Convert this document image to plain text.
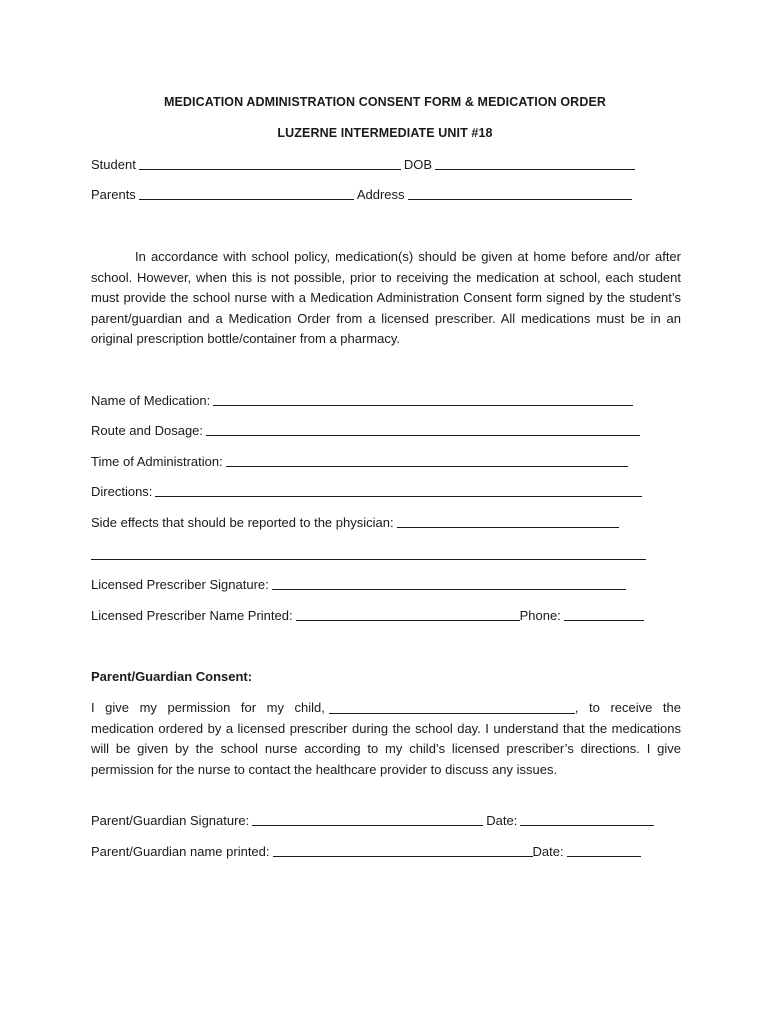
MEDICATION ADMINISTRATION CONSENT FORM & MEDICATION ORDER
LUZERNE INTERMEDIATE UNIT #18
Student	DOB
Parents	Address
In accordance with school policy, medication(s) should be given at home before and/or after school. However, when this is not possible, prior to receiving the medication at school, each student must provide the school nurse with a Medication Administration Consent form signed by the student’s parent/guardian and a Medication Order from a licensed prescriber. All medications must be in an original prescription bottle/container from a pharmacy.
Name of Medication:
Route and Dosage:
Time of Administration:
Directions:
Side effects that should be reported to the physician:
Licensed Prescriber Signature:
Licensed Prescriber Name Printed:	Phone:
Parent/Guardian Consent:
I give my permission for my child,	, to receive the medication ordered by a licensed prescriber during the school day. I understand that the medications will be given by the school nurse according to my child’s licensed prescriber’s directions. I give permission for the nurse to contact the healthcare provider to discuss any issues.
Parent/Guardian Signature:	Date:
Parent/Guardian name printed:	Date:
